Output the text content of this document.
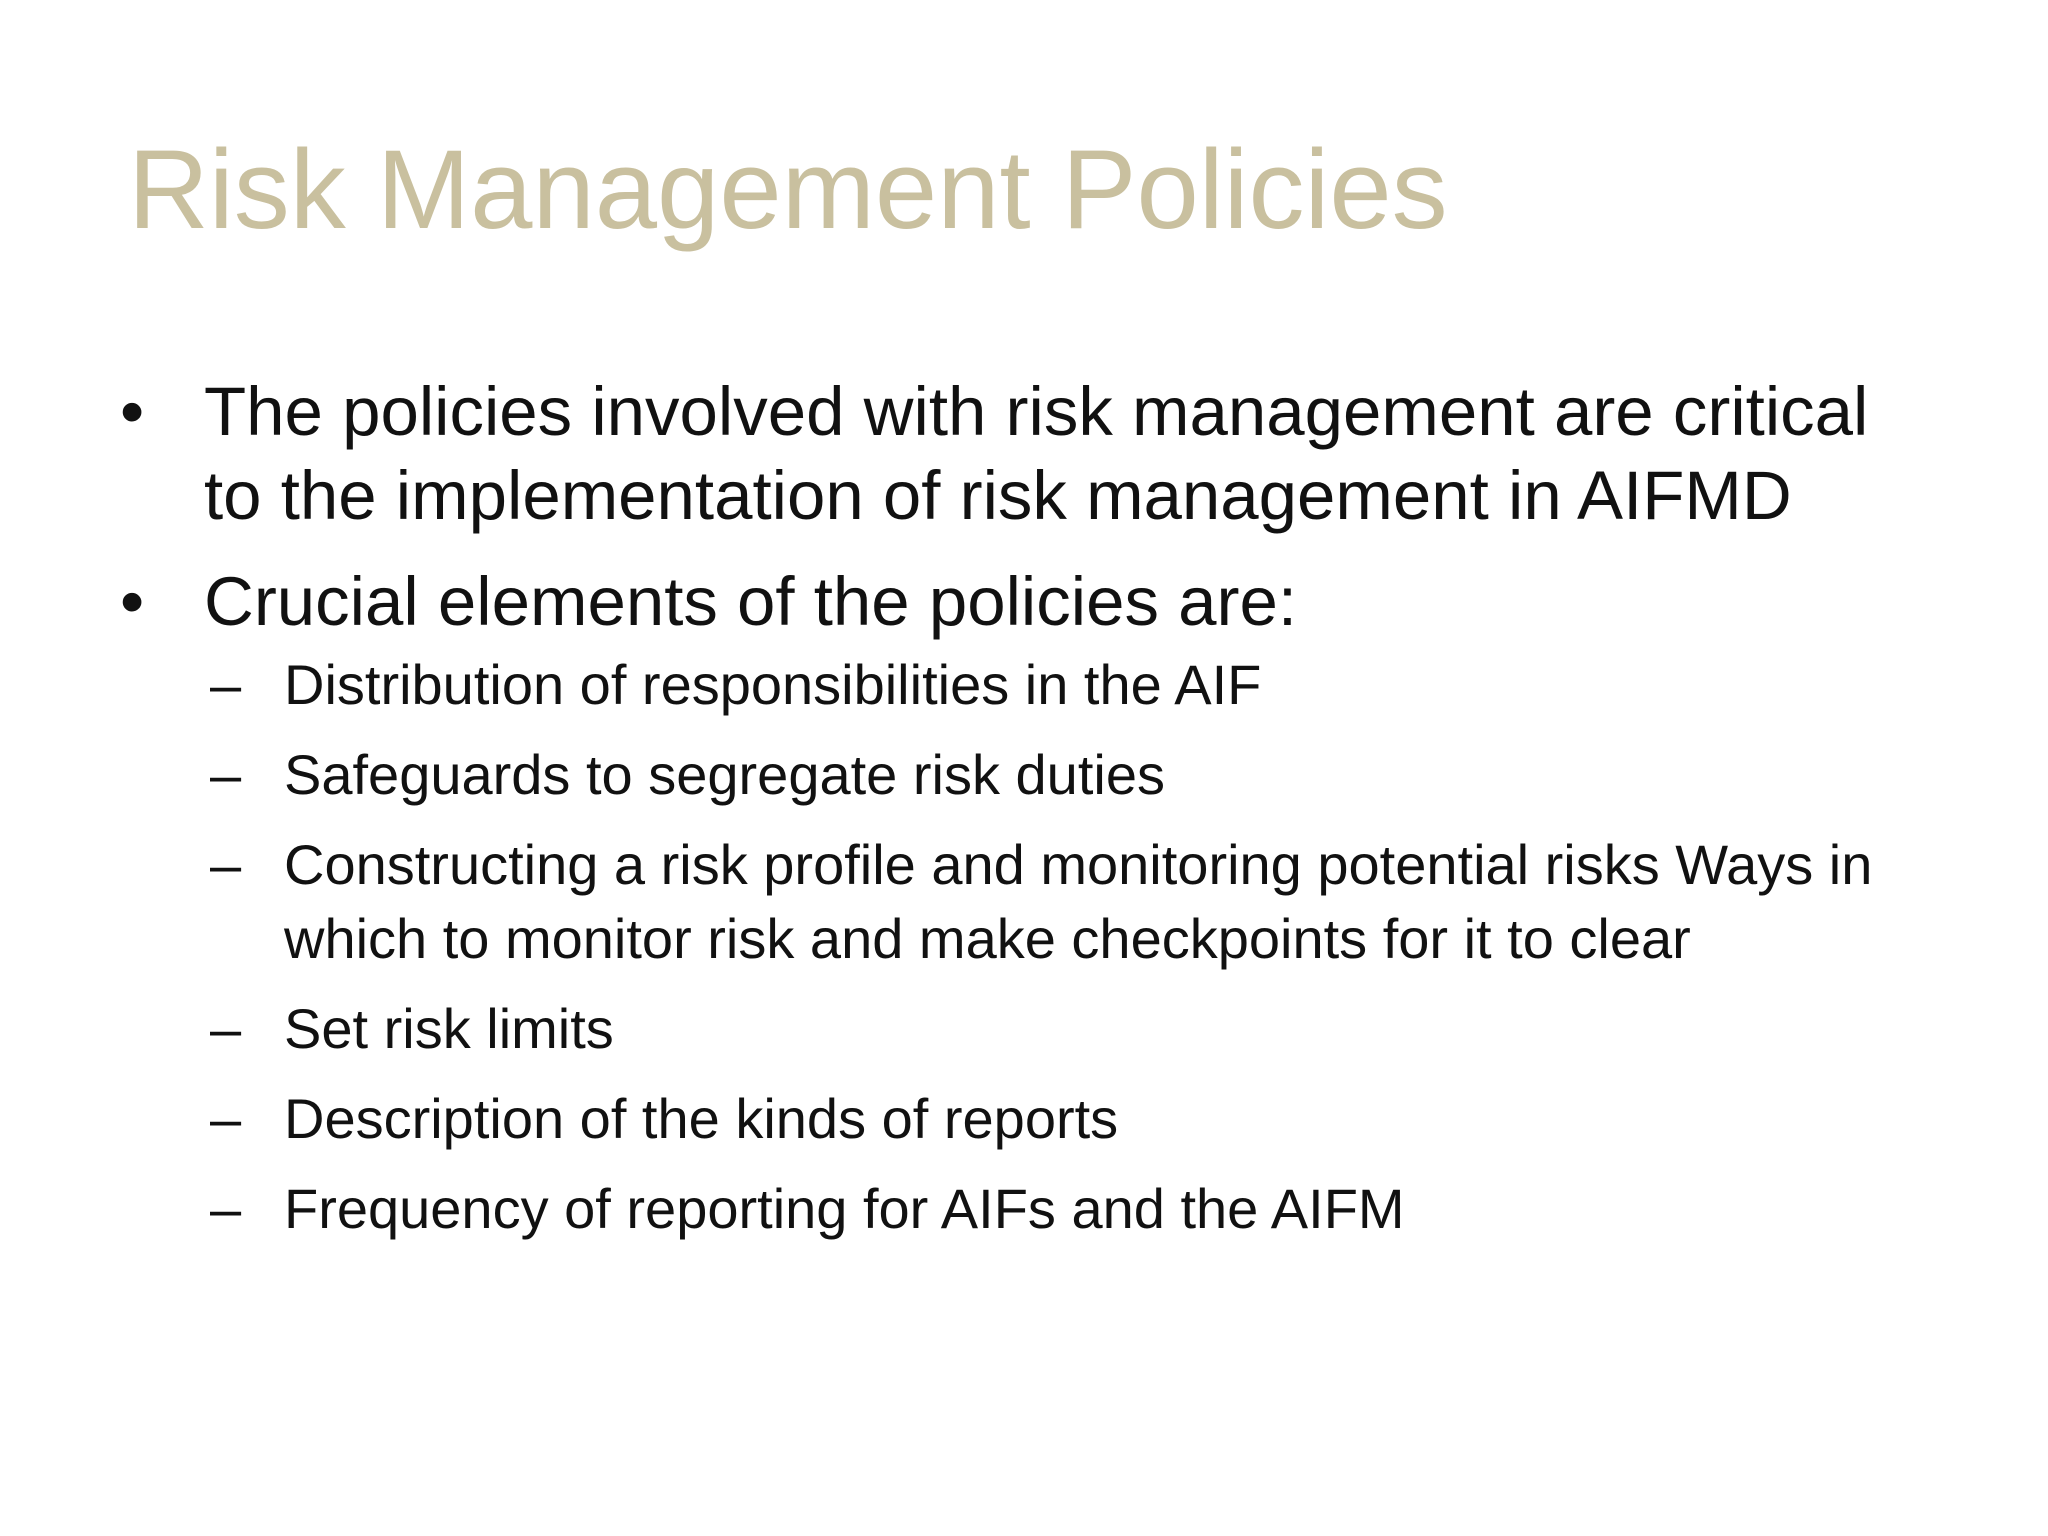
Risk Management Policies
• The policies involved with risk management are critical to the implementation of risk management in AIFMD
• Crucial elements of the policies are:
– Distribution of responsibilities in the AIF
– Safeguards to segregate risk duties
– Constructing a risk profile and monitoring potential risks Ways in which to monitor risk and make checkpoints for it to clear
– Set risk limits
– Description of the kinds of reports
– Frequency of reporting for AIFs and the AIFM
